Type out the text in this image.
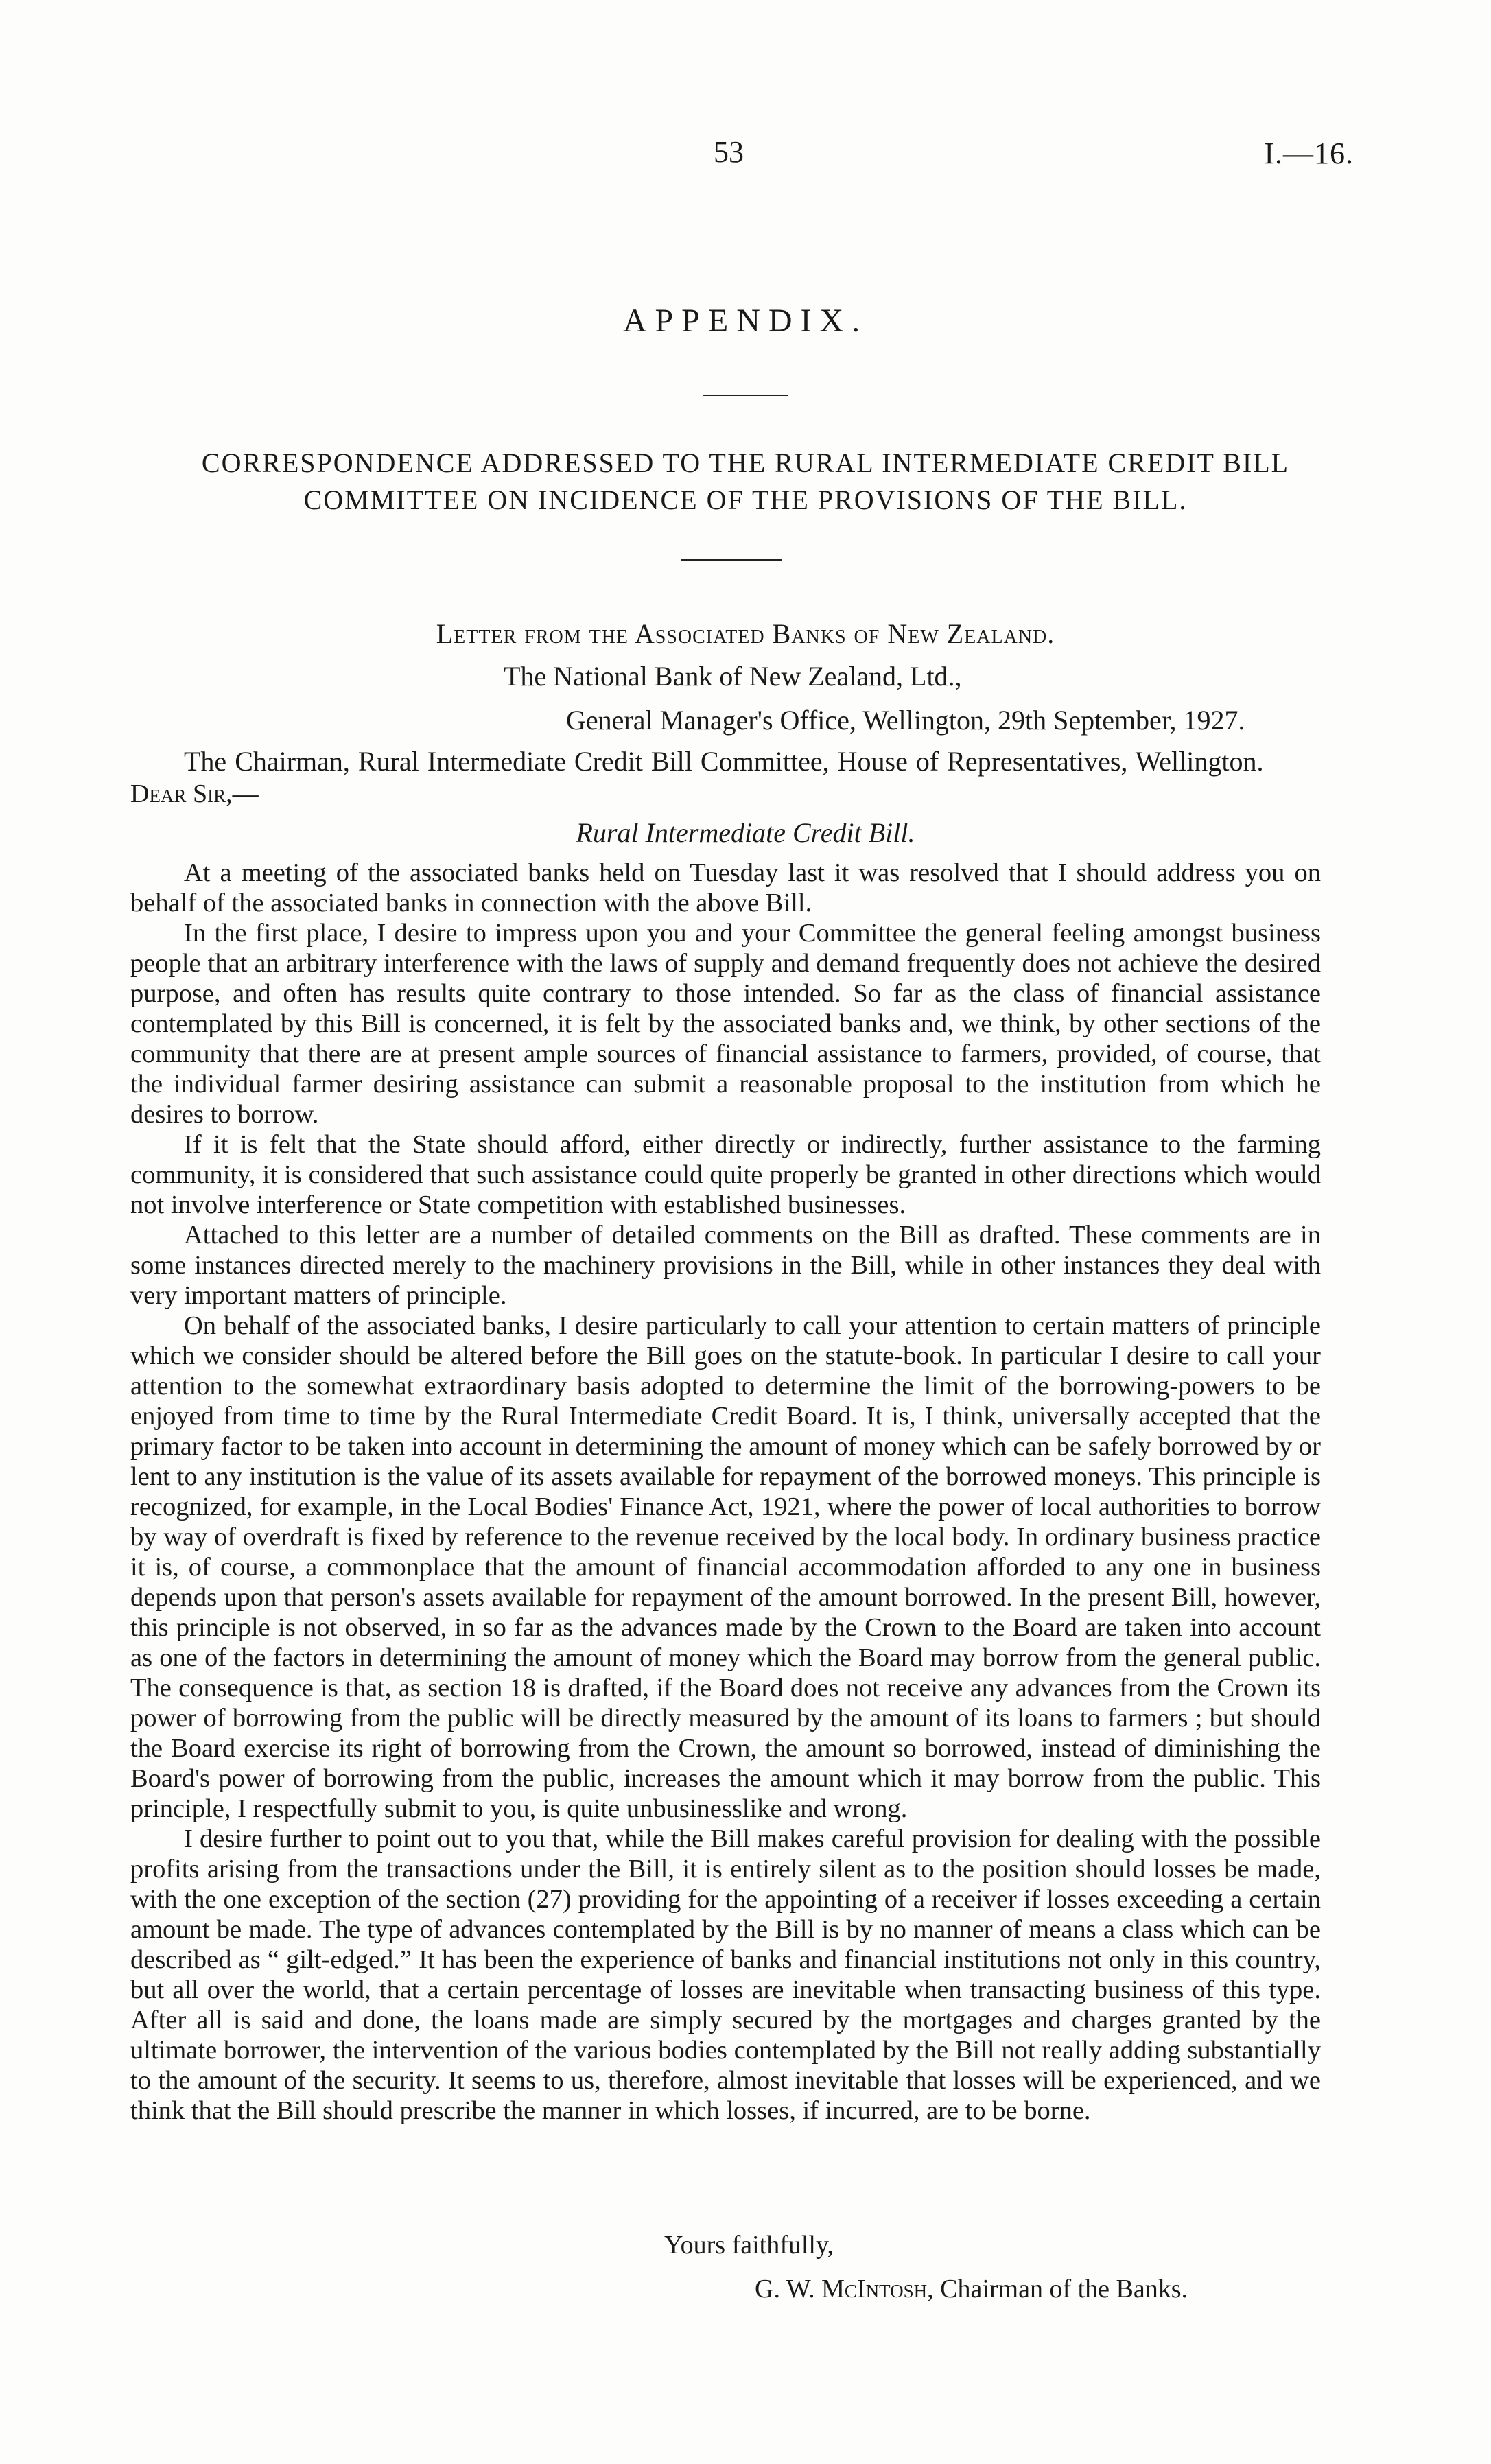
53	I.—16.
APPENDIX.
CORRESPONDENCE ADDRESSED TO THE RURAL INTERMEDIATE CREDIT BILL
COMMITTEE ON INCIDENCE OF THE PROVISIONS OF THE BILL.
Letter from the Associated Banks of New Zealand.
The National Bank of New Zealand, Ltd.,
General Manager's Office, Wellington, 29th September, 1927.
The Chairman, Rural Intermediate Credit Bill Committee, House of Representatives, Wellington.
Dear Sir,—
Rural Intermediate Credit Bill.

At a meeting of the associated banks held on Tuesday last it was resolved that I should address you on behalf of the associated banks in connection with the above Bill.

In the first place, I desire to impress upon you and your Committee the general feeling amongst business people that an arbitrary interference with the laws of supply and demand frequently does not achieve the desired purpose, and often has results quite contrary to those intended. So far as the class of financial assistance contemplated by this Bill is concerned, it is felt by the associated banks and, we think, by other sections of the community that there are at present ample sources of financial assistance to farmers, provided, of course, that the individual farmer desiring assistance can submit a reasonable proposal to the institution from which he desires to borrow.

If it is felt that the State should afford, either directly or indirectly, further assistance to the farming community, it is considered that such assistance could quite properly be granted in other directions which would not involve interference or State competition with established businesses.

Attached to this letter are a number of detailed comments on the Bill as drafted. These comments are in some instances directed merely to the machinery provisions in the Bill, while in other instances they deal with very important matters of principle.

On behalf of the associated banks, I desire particularly to call your attention to certain matters of principle which we consider should be altered before the Bill goes on the statute-book. In particular I desire to call your attention to the somewhat extraordinary basis adopted to determine the limit of the borrowing-powers to be enjoyed from time to time by the Rural Intermediate Credit Board. It is, I think, universally accepted that the primary factor to be taken into account in determining the amount of money which can be safely borrowed by or lent to any institution is the value of its assets available for repayment of the borrowed moneys. This principle is recognized, for example, in the Local Bodies' Finance Act, 1921, where the power of local authorities to borrow by way of overdraft is fixed by reference to the revenue received by the local body. In ordinary business practice it is, of course, a commonplace that the amount of financial accommodation afforded to any one in business depends upon that person's assets available for repayment of the amount borrowed. In the present Bill, however, this principle is not observed, in so far as the advances made by the Crown to the Board are taken into account as one of the factors in determining the amount of money which the Board may borrow from the general public. The consequence is that, as section 18 is drafted, if the Board does not receive any advances from the Crown its power of borrowing from the public will be directly measured by the amount of its loans to farmers ; but should the Board exercise its right of borrowing from the Crown, the amount so borrowed, instead of diminishing the Board's power of borrowing from the public, increases the amount which it may borrow from the public. This principle, I respectfully submit to you, is quite unbusinesslike and wrong.

I desire further to point out to you that, while the Bill makes careful provision for dealing with the possible profits arising from the transactions under the Bill, it is entirely silent as to the position should losses be made, with the one exception of the section (27) providing for the appointing of a receiver if losses exceeding a certain amount be made. The type of advances contemplated by the Bill is by no manner of means a class which can be described as “ gilt-edged.” It has been the experience of banks and financial institutions not only in this country, but all over the world, that a certain percentage of losses are inevitable when transacting business of this type. After all is said and done, the loans made are simply secured by the mortgages and charges granted by the ultimate borrower, the intervention of the various bodies contemplated by the Bill not really adding substantially to the amount of the security. It seems to us, therefore, almost inevitable that losses will be experienced, and we think that the Bill should prescribe the manner in which losses, if incurred, are to be borne.

Yours faithfully,
G. W. McIntosh, Chairman of the Banks.
